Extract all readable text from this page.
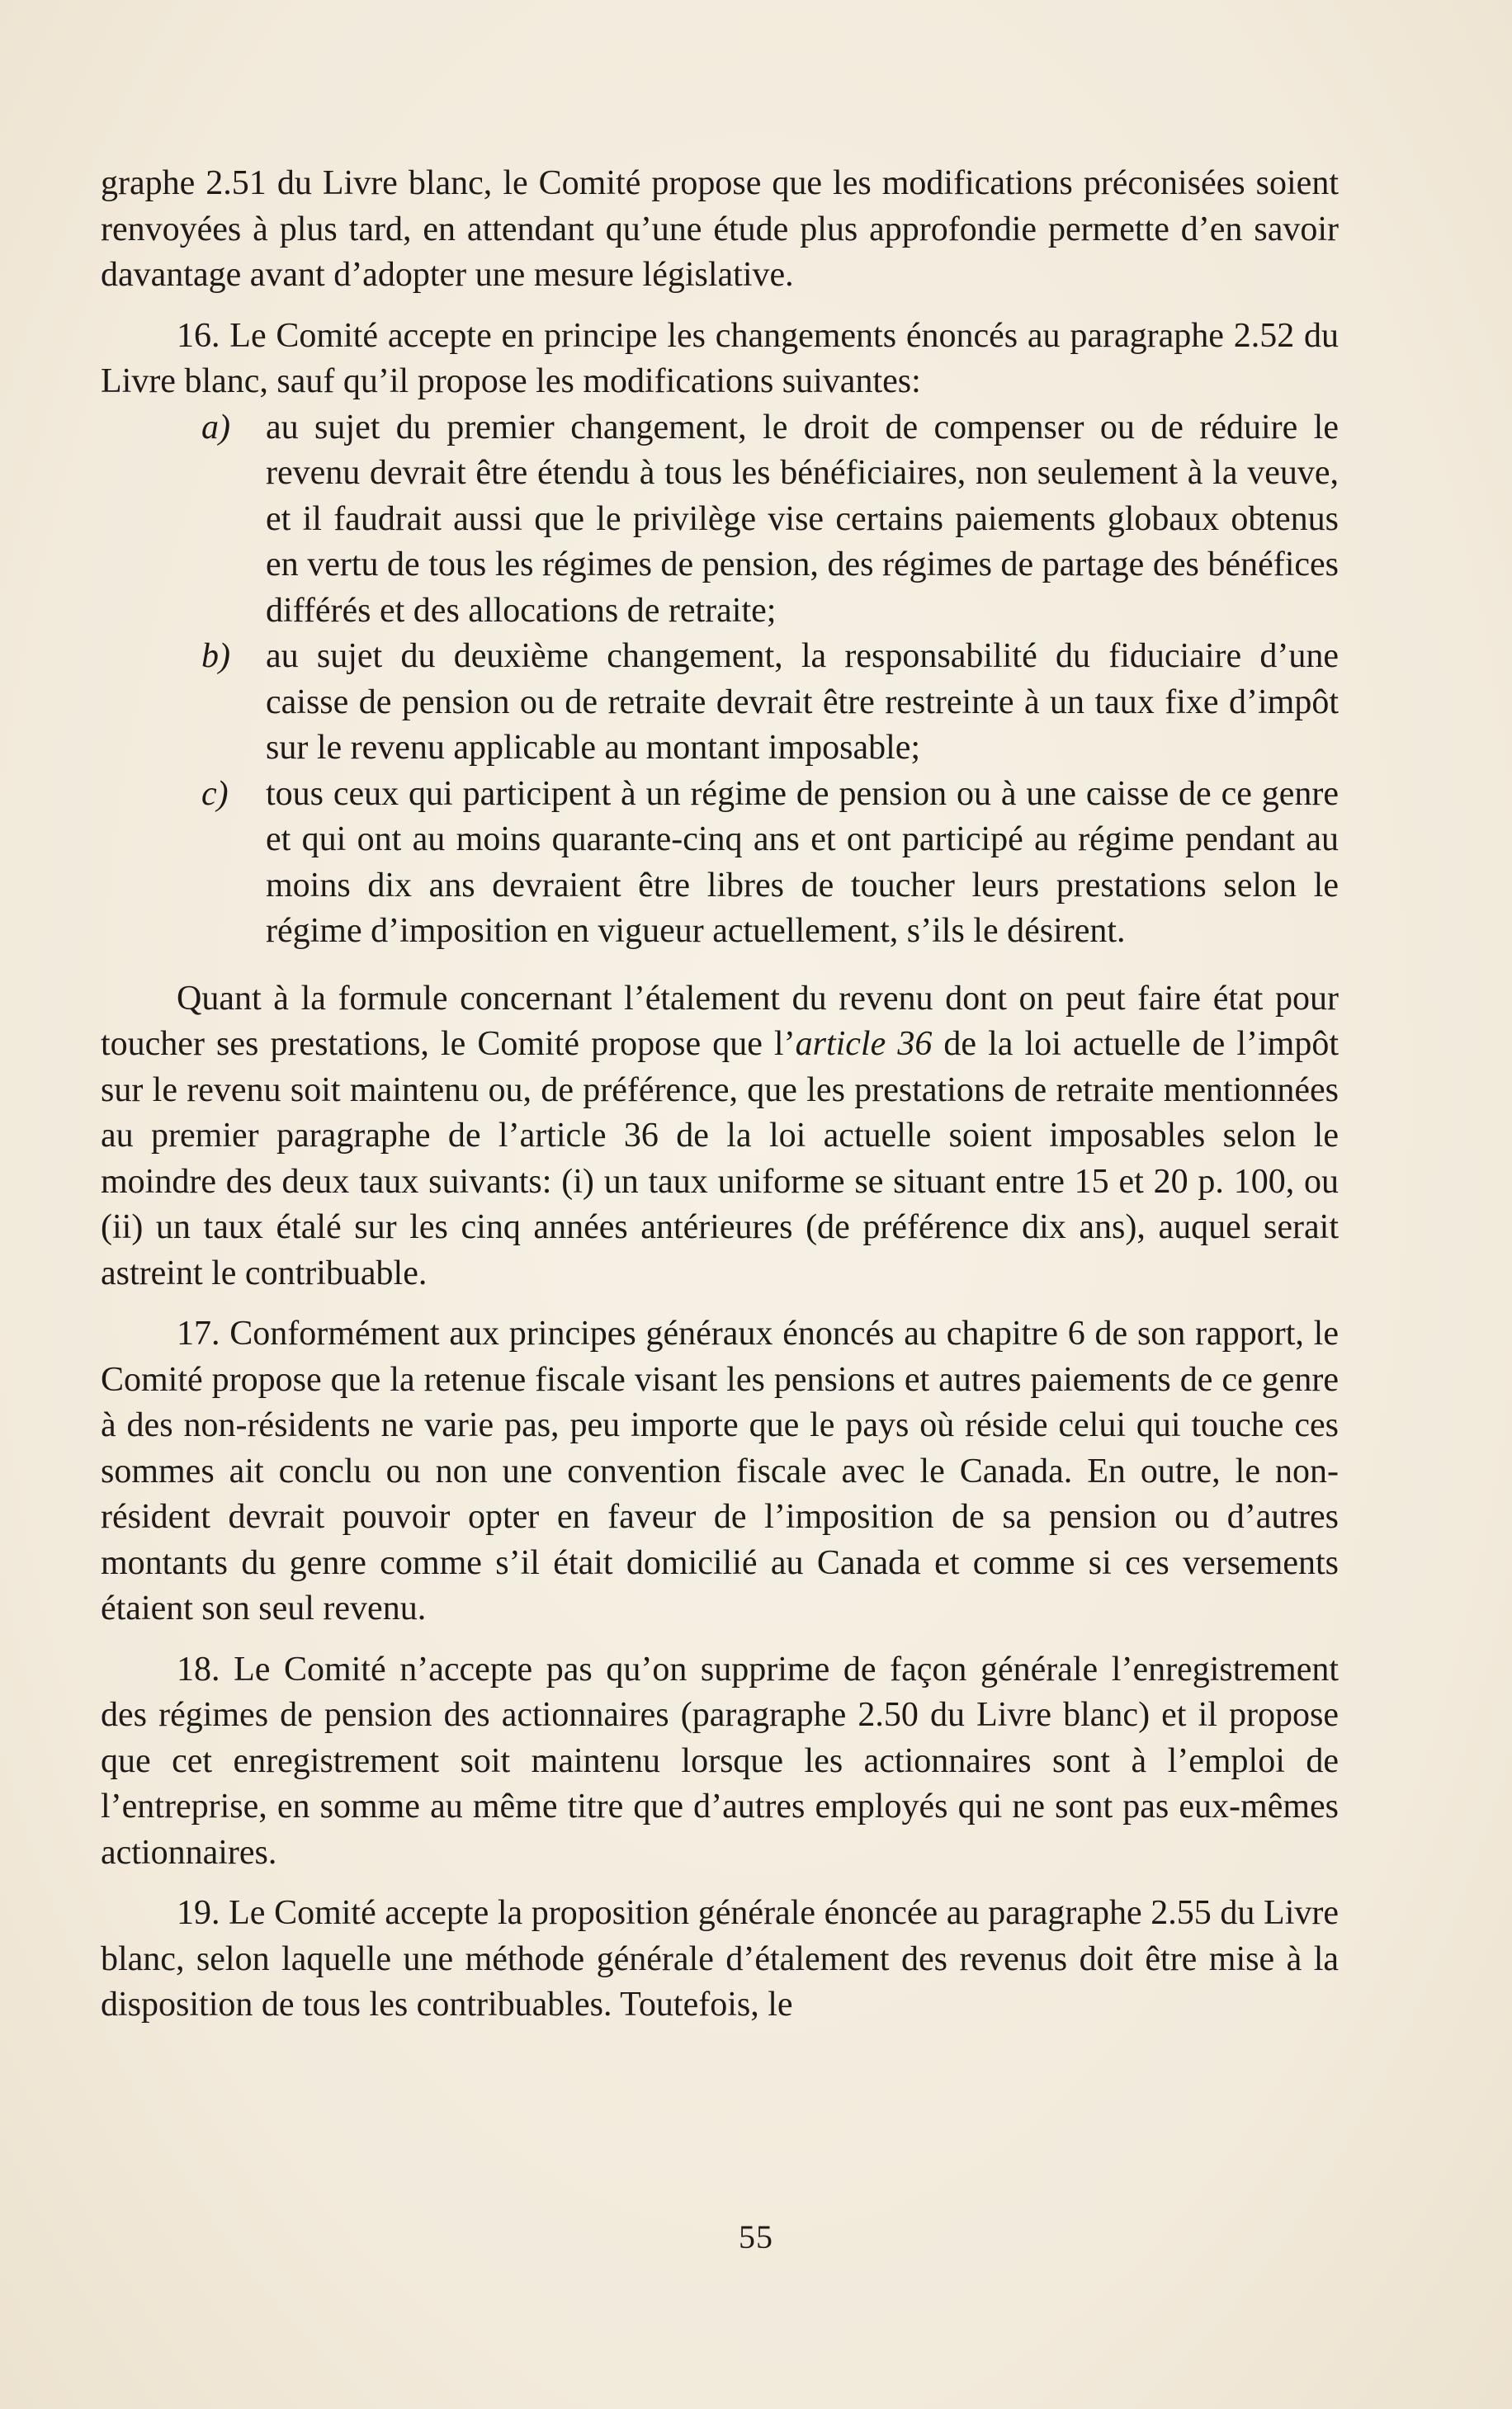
graphe 2.51 du Livre blanc, le Comité propose que les modifications préconisées soient renvoyées à plus tard, en attendant qu’une étude plus approfondie permette d’en savoir davantage avant d’adopter une mesure législative.

16. Le Comité accepte en principe les changements énoncés au paragraphe 2.52 du Livre blanc, sauf qu’il propose les modifications suivantes:

a)	au sujet du premier changement, le droit de compenser ou de réduire le revenu devrait être étendu à tous les bénéficiaires, non seulement à la veuve, et il faudrait aussi que le privilège vise certains paiements globaux obtenus en vertu de tous les régimes de pension, des régimes de partage des bénéfices différés et des allocations de retraite;

b)	au sujet du deuxième changement, la responsabilité du fiduciaire d’une caisse de pension ou de retraite devrait être restreinte à un taux fixe d’impôt sur le revenu applicable au montant imposable;

c)	tous ceux qui participent à un régime de pension ou à une caisse de ce genre et qui ont au moins quarante-cinq ans et ont participé au régime pendant au moins dix ans devraient être libres de toucher leurs prestations selon le régime d’imposition en vigueur actuellement, s’ils le désirent.

Quant à la formule concernant l’étalement du revenu dont on peut faire état pour toucher ses prestations, le Comité propose que l’article 36 de la loi actuelle de l’impôt sur le revenu soit maintenu ou, de préférence, que les prestations de retraite mentionnées au premier paragraphe de l’article 36 de la loi actuelle soient imposables selon le moindre des deux taux suivants: (i) un taux uniforme se situant entre 15 et 20 p. 100, ou (ii) un taux étalé sur les cinq années antérieures (de préférence dix ans), auquel serait astreint le contribuable.

17. Conformément aux principes généraux énoncés au chapitre 6 de son rapport, le Comité propose que la retenue fiscale visant les pensions et autres paiements de ce genre à des non-résidents ne varie pas, peu importe que le pays où réside celui qui touche ces sommes ait conclu ou non une convention fiscale avec le Canada. En outre, le non-résident devrait pouvoir opter en faveur de l’imposition de sa pension ou d’autres montants du genre comme s’il était domicilié au Canada et comme si ces versements étaient son seul revenu.

18. Le Comité n’accepte pas qu’on supprime de façon générale l’enregistrement des régimes de pension des actionnaires (paragraphe 2.50 du Livre blanc) et il propose que cet enregistrement soit maintenu lorsque les actionnaires sont à l’emploi de l’entreprise, en somme au même titre que d’autres employés qui ne sont pas eux-mêmes actionnaires.

19. Le Comité accepte la proposition générale énoncée au paragraphe 2.55 du Livre blanc, selon laquelle une méthode générale d’étalement des revenus doit être mise à la disposition de tous les contribuables. Toutefois, le

55
